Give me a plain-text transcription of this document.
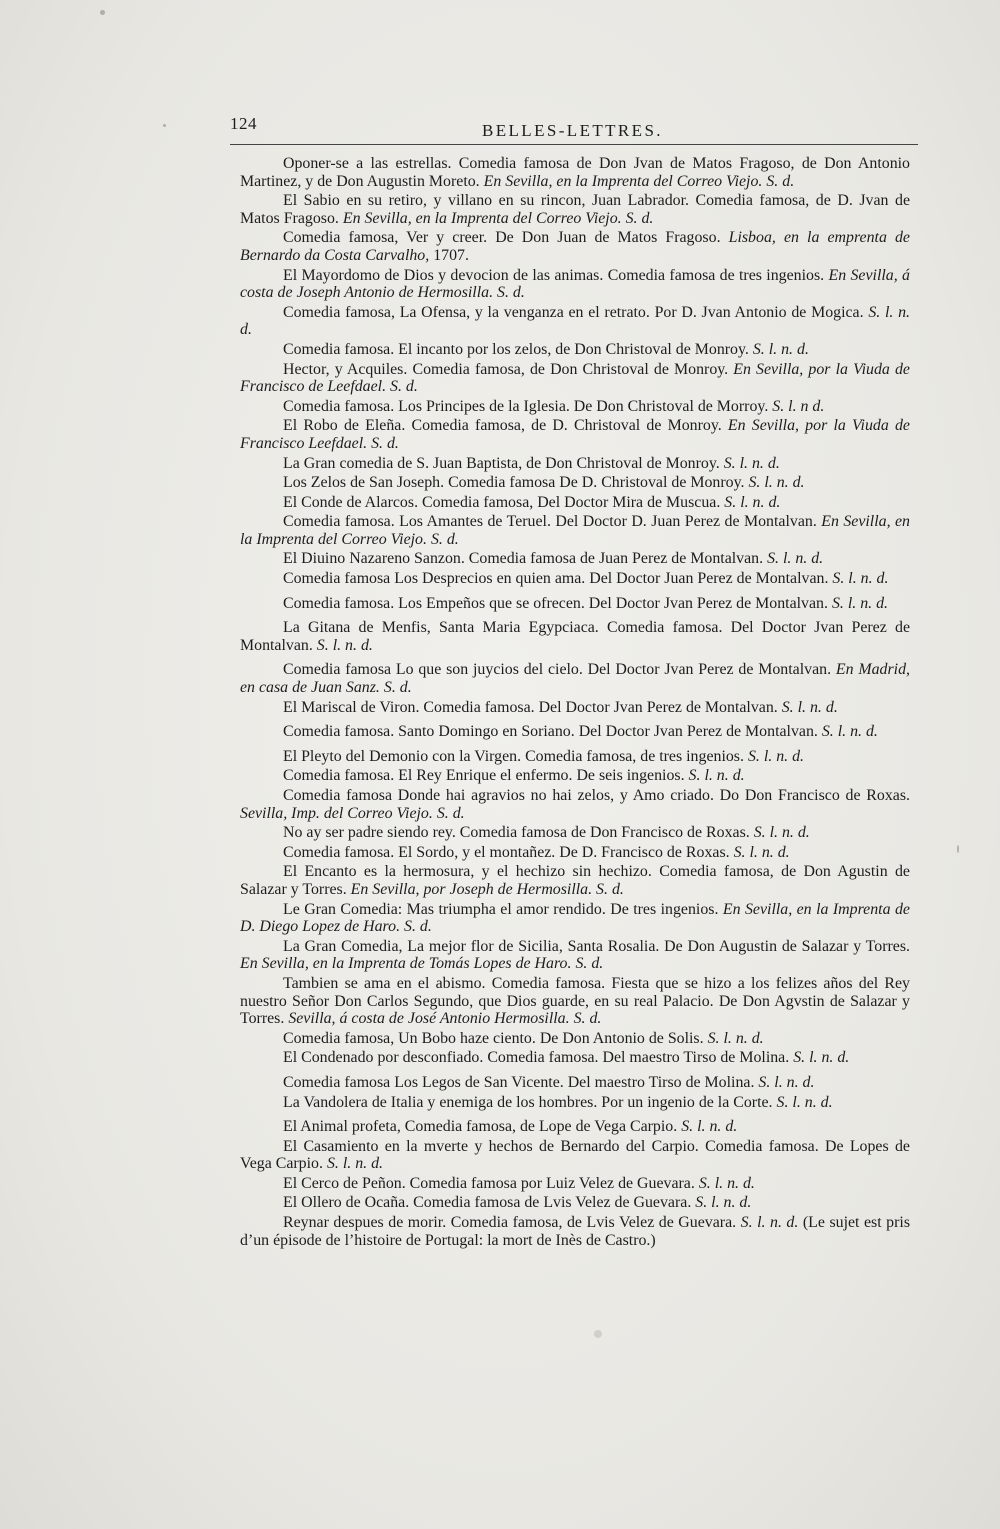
124	BELLES-LETTRES.

Oponer-se a las estrellas. Comedia famosa de Don Jvan de Matos Fragoso, de Don Antonio Martinez, y de Don Augustin Moreto. En Sevilla, en la Imprenta del Correo Viejo. S. d.

El Sabio en su retiro, y villano en su rincon, Juan Labrador. Comedia famosa, de D. Jvan de Matos Fragoso. En Sevilla, en la Imprenta del Correo Viejo. S. d.

Comedia famosa, Ver y creer. De Don Juan de Matos Fragoso. Lisboa, en la emprenta de Bernardo da Costa Carvalho, 1707.

El Mayordomo de Dios y devocion de las animas. Comedia famosa de tres ingenios. En Sevilla, á costa de Joseph Antonio de Hermosilla. S. d.

Comedia famosa, La Ofensa, y la venganza en el retrato. Por D. Jvan Antonio de Mogica. S. l. n. d.

Comedia famosa. El incanto por los zelos, de Don Christoval de Monroy. S. l. n. d.

Hector, y Acquiles. Comedia famosa, de Don Christoval de Monroy. En Sevilla, por la Viuda de Francisco de Leefdael. S. d.

Comedia famosa. Los Principes de la Iglesia. De Don Christoval de Morroy. S. l. n d.

El Robo de Eleña. Comedia famosa, de D. Christoval de Monroy. En Sevilla, por la Viuda de Francisco Leefdael. S. d.

La Gran comedia de S. Juan Baptista, de Don Christoval de Monroy. S. l. n. d.

Los Zelos de San Joseph. Comedia famosa De D. Christoval de Monroy. S. l. n. d.

El Conde de Alarcos. Comedia famosa, Del Doctor Mira de Muscua. S. l. n. d.

Comedia famosa. Los Amantes de Teruel. Del Doctor D. Juan Perez de Montalvan. En Sevilla, en la Imprenta del Correo Viejo. S. d.

El Diuino Nazareno Sanzon. Comedia famosa de Juan Perez de Montalvan. S. l. n. d.

Comedia famosa Los Desprecios en quien ama. Del Doctor Juan Perez de Montalvan. S. l. n. d.

Comedia famosa. Los Empeños que se ofrecen. Del Doctor Jvan Perez de Montalvan. S. l. n. d.

La Gitana de Menfis, Santa Maria Egypciaca. Comedia famosa. Del Doctor Jvan Perez de Montalvan. S. l. n. d.

Comedia famosa Lo que son juycios del cielo. Del Doctor Jvan Perez de Montalvan. En Madrid, en casa de Juan Sanz. S. d.

El Mariscal de Viron. Comedia famosa. Del Doctor Jvan Perez de Montalvan. S. l. n. d.

Comedia famosa. Santo Domingo en Soriano. Del Doctor Jvan Perez de Montalvan. S. l. n. d.

El Pleyto del Demonio con la Virgen. Comedia famosa, de tres ingenios. S. l. n. d.

Comedia famosa. El Rey Enrique el enfermo. De seis ingenios. S. l. n. d.

Comedia famosa Donde hai agravios no hai zelos, y Amo criado. Do Don Francisco de Roxas. Sevilla, Imp. del Correo Viejo. S. d.

No ay ser padre siendo rey. Comedia famosa de Don Francisco de Roxas. S. l. n. d.

Comedia famosa. El Sordo, y el montañez. De D. Francisco de Roxas. S. l. n. d.

El Encanto es la hermosura, y el hechizo sin hechizo. Comedia famosa, de Don Agustin de Salazar y Torres. En Sevilla, por Joseph de Hermosilla. S. d.

Le Gran Comedia: Mas triumpha el amor rendido. De tres ingenios. En Sevilla, en la Imprenta de D. Diego Lopez de Haro. S. d.

La Gran Comedia, La mejor flor de Sicilia, Santa Rosalia. De Don Augustin de Salazar y Torres. En Sevilla, en la Imprenta de Tomás Lopes de Haro. S. d.

Tambien se ama en el abismo. Comedia famosa. Fiesta que se hizo a los felizes años del Rey nuestro Señor Don Carlos Segundo, que Dios guarde, en su real Palacio. De Don Agvstin de Salazar y Torres. Sevilla, á costa de José Antonio Hermosilla. S. d.

Comedia famosa, Un Bobo haze ciento. De Don Antonio de Solis. S. l. n. d.

El Condenado por desconfiado. Comedia famosa. Del maestro Tirso de Molina. S. l. n. d.

Comedia famosa Los Legos de San Vicente. Del maestro Tirso de Molina. S. l. n. d.

La Vandolera de Italia y enemiga de los hombres. Por un ingenio de la Corte. S. l. n. d.

El Animal profeta, Comedia famosa, de Lope de Vega Carpio. S. l. n. d.

El Casamiento en la mverte y hechos de Bernardo del Carpio. Comedia famosa. De Lopes de Vega Carpio. S. l. n. d.

El Cerco de Peñon. Comedia famosa por Luiz Velez de Guevara. S. l. n. d.

El Ollero de Ocaña. Comedia famosa de Lvis Velez de Guevara. S. l. n. d.

Reynar despues de morir. Comedia famosa, de Lvis Velez de Guevara. S. l. n. d. (Le sujet est pris d’un épisode de l’histoire de Portugal: la mort de Inès de Castro.)
